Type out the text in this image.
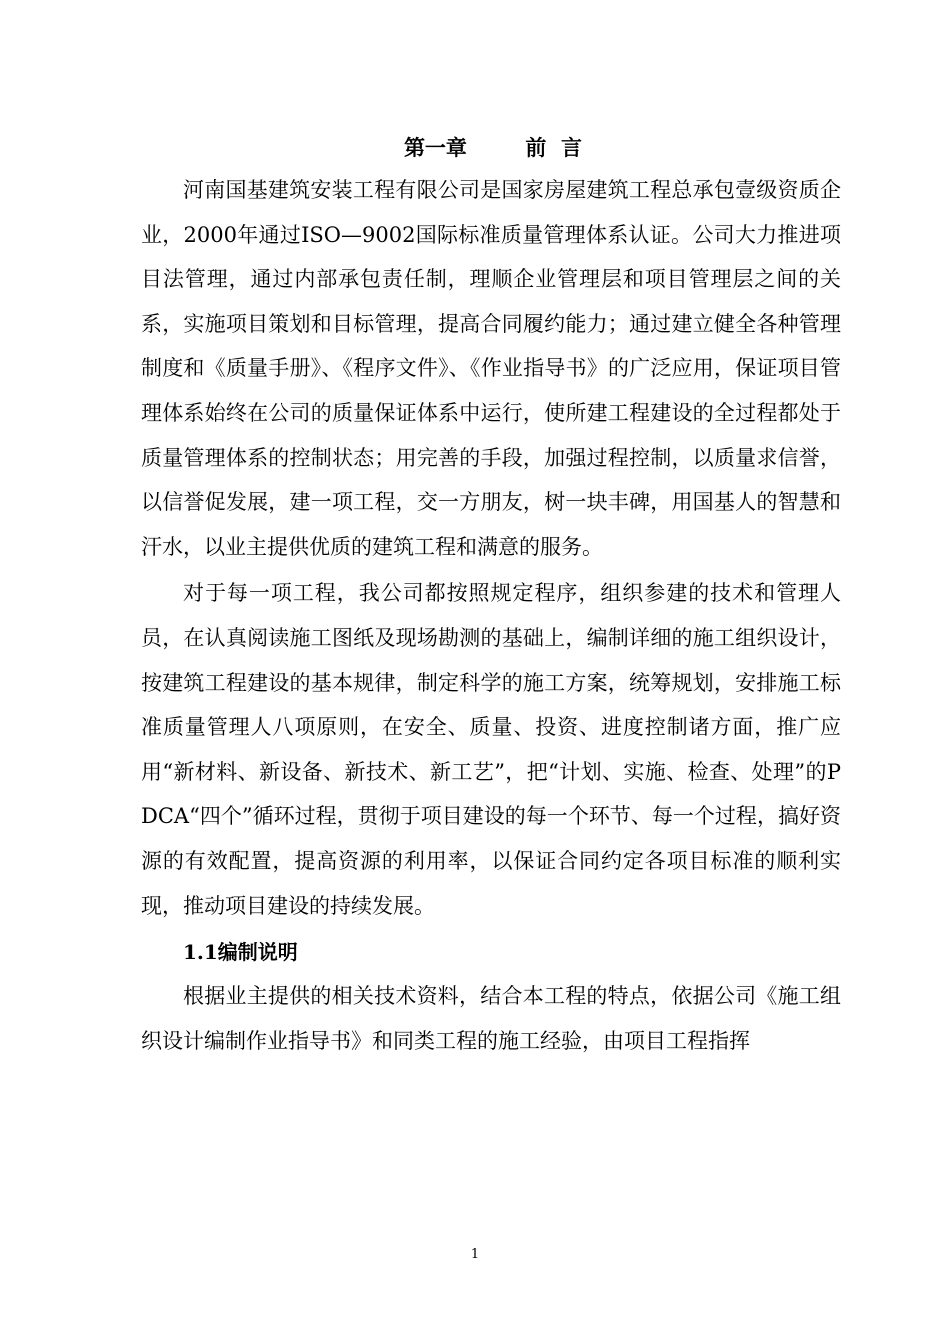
第一章        前  言

河南国基建筑安装工程有限公司是国家房屋建筑工程总承包壹级资质企业，2000年通过ISO—9002国际标准质量管理体系认证。公司大力推进项目法管理，通过内部承包责任制，理顺企业管理层和项目管理层之间的关系，实施项目策划和目标管理，提高合同履约能力；通过建立健全各种管理制度和《质量手册》、《程序文件》、《作业指导书》的广泛应用，保证项目管理体系始终在公司的质量保证体系中运行，使所建工程建设的全过程都处于质量管理体系的控制状态；用完善的手段，加强过程控制，以质量求信誉，以信誉促发展，建一项工程，交一方朋友，树一块丰碑，用国基人的智慧和汗水，以业主提供优质的建筑工程和满意的服务。

对于每一项工程，我公司都按照规定程序，组织参建的技术和管理人员，在认真阅读施工图纸及现场勘测的基础上，编制详细的施工组织设计，按建筑工程建设的基本规律，制定科学的施工方案，统筹规划，安排施工标准质量管理人八项原则，在安全、质量、投资、进度控制诸方面，推广应用“新材料、新设备、新技术、新工艺”，把“计划、实施、检查、处理”的PDCA“四个”循环过程，贯彻于项目建设的每一个环节、每一个过程，搞好资源的有效配置，提高资源的利用率，以保证合同约定各项目标准的顺利实现，推动项目建设的持续发展。

1.1编制说明

根据业主提供的相关技术资料，结合本工程的特点，依据公司《施工组织设计编制作业指导书》和同类工程的施工经验，由项目工程指挥

1
